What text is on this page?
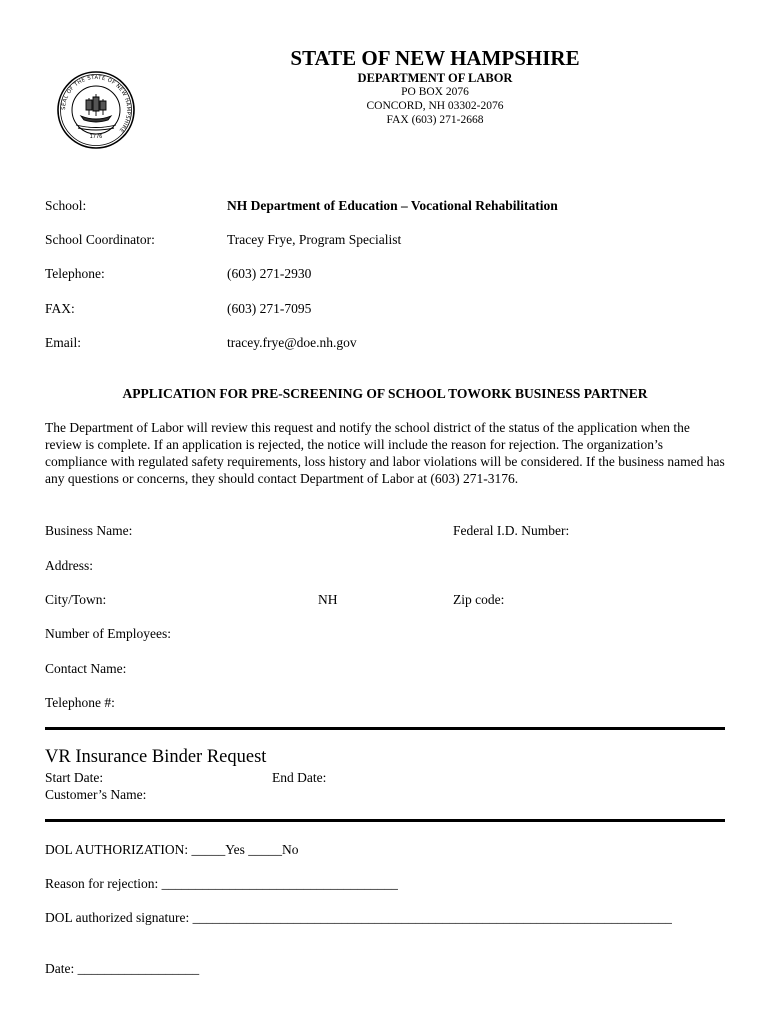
SEAL OF THE STATE OF NEW HAMPSHIRE
1776
STATE OF NEW HAMPSHIRE
DEPARTMENT OF LABOR
PO BOX 2076
CONCORD, NH 03302-2076
FAX (603) 271-2668
School:	NH Department of Education – Vocational Rehabilitation
School Coordinator:	Tracey Frye, Program Specialist
Telephone:	(603) 271-2930
FAX:	(603) 271-7095
Email:	tracey.frye@doe.nh.gov
APPLICATION FOR PRE-SCREENING OF SCHOOL TOWORK BUSINESS PARTNER
The Department of Labor will review this request and notify the school district of the status of the application when the review is complete. If an application is rejected, the notice will include the reason for rejection. The organization’s compliance with regulated safety requirements, loss history and labor violations will be considered. If the business named has any questions or concerns, they should contact Department of Labor at (603) 271-3176.
Business Name:	Federal I.D. Number:
Address:
City/Town:	NH	Zip code:
Number of Employees:
Contact Name:
Telephone #:
VR Insurance Binder Request
Start Date:	End Date:
Customer’s Name:
DOL AUTHORIZATION: _____Yes _____No
Reason for rejection: ___________________________________
DOL authorized signature: _______________________________________________________________________
Date: __________________
